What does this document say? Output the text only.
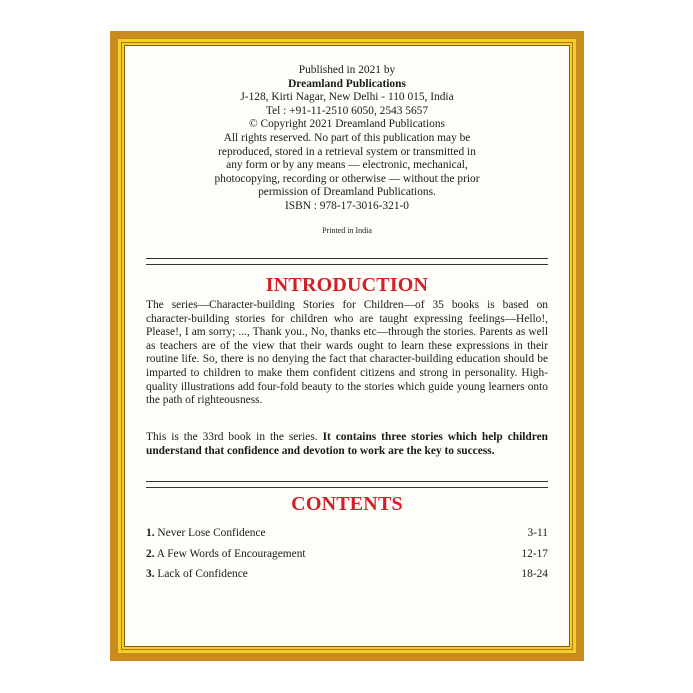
Published in 2021 by
Dreamland Publications
J-128, Kirti Nagar, New Delhi - 110 015, India
Tel : +91-11-2510 6050, 2543 5657
© Copyright 2021 Dreamland Publications
All rights reserved. No part of this publication may be
reproduced, stored in a retrieval system or transmitted in
any form or by any means — electronic, mechanical,
photocopying, recording or otherwise — without the prior
permission of Dreamland Publications.
ISBN : 978-17-3016-321-0
Printed in India
INTRODUCTION

The series—Character-building Stories for Children—of 35 books is based on character-building stories for children who are taught expressing feelings—Hello!, Please!, I am sorry; ..., Thank you., No, thanks etc—through the stories. Parents as well as teachers are of the view that their wards ought to learn these expressions in their routine life. So, there is no denying the fact that character-building education should be imparted to children to make them confident citizens and strong in personality. High-quality illustrations add four-fold beauty to the stories which guide young learners onto the path of righteousness.

This is the 33rd book in the series. It contains three stories which help children understand that confidence and devotion to work are the key to success.

CONTENTS
1. Never Lose Confidence	3-11
2. A Few Words of Encouragement	12-17
3. Lack of Confidence	18-24
